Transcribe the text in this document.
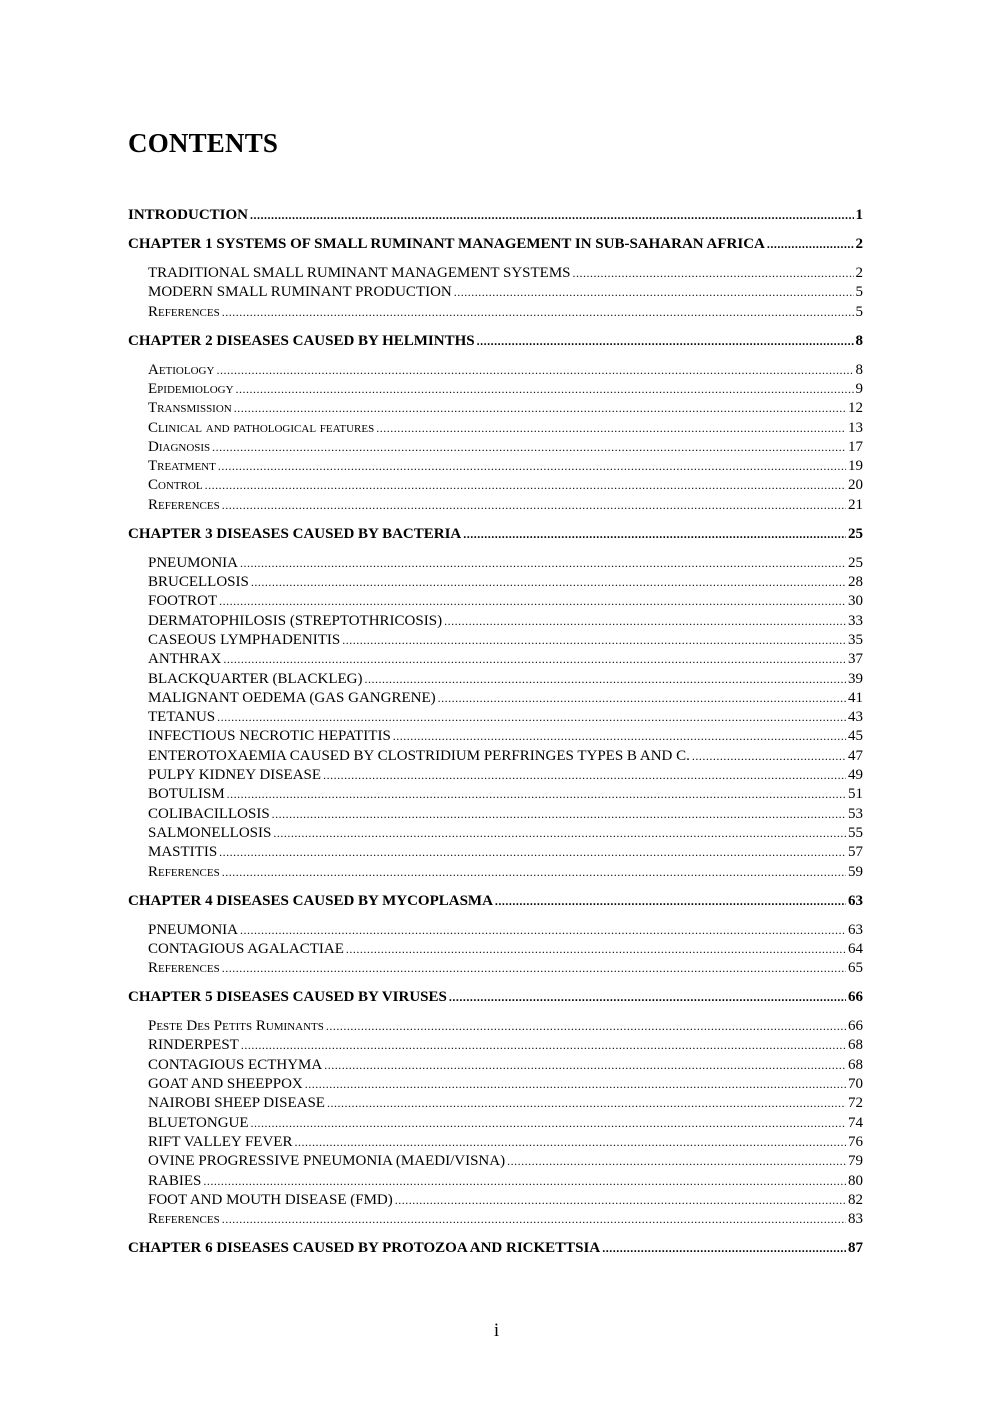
CONTENTS
INTRODUCTION .....	1
CHAPTER 1 SYSTEMS OF SMALL RUMINANT MANAGEMENT IN SUB-SAHARAN AFRICA .....	2
TRADITIONAL SMALL RUMINANT MANAGEMENT SYSTEMS .....	2
MODERN SMALL RUMINANT PRODUCTION .....	5
References .....	5
CHAPTER 2 DISEASES CAUSED BY HELMINTHS .....	8
Aetiology .....	8
Epidemiology .....	9
Transmission .....	12
Clinical and pathological features .....	13
Diagnosis .....	17
Treatment .....	19
Control .....	20
References .....	21
CHAPTER 3 DISEASES CAUSED BY BACTERIA .....	25
PNEUMONIA .....	25
BRUCELLOSIS .....	28
FOOTROT .....	30
DERMATOPHILOSIS (STREPTOTHRICOSIS) .....	33
CASEOUS LYMPHADENITIS .....	35
ANTHRAX .....	37
BLACKQUARTER (BLACKLEG) .....	39
MALIGNANT OEDEMA (GAS GANGRENE) .....	41
TETANUS .....	43
INFECTIOUS NECROTIC HEPATITIS .....	45
ENTEROTOXAEMIA CAUSED BY CLOSTRIDIUM PERFRINGES TYPES B AND C. .....	47
PULPY KIDNEY DISEASE .....	49
BOTULISM .....	51
COLIBACILLOSIS .....	53
SALMONELLOSIS .....	55
MASTITIS .....	57
References .....	59
CHAPTER 4 DISEASES CAUSED BY MYCOPLASMA .....	63
PNEUMONIA .....	63
CONTAGIOUS AGALACTIAE .....	64
References .....	65
CHAPTER 5 DISEASES CAUSED BY VIRUSES .....	66
Peste Des Petits Ruminants .....	66
RINDERPEST .....	68
CONTAGIOUS ECTHYMA .....	68
GOAT AND SHEEPPOX .....	70
NAIROBI SHEEP DISEASE .....	72
BLUETONGUE .....	74
RIFT VALLEY FEVER .....	76
OVINE PROGRESSIVE PNEUMONIA (MAEDI/VISNA) .....	79
RABIES .....	80
FOOT AND MOUTH DISEASE (FMD) .....	82
References .....	83
CHAPTER 6 DISEASES CAUSED BY PROTOZOA AND RICKETTSIA .....	87
i
